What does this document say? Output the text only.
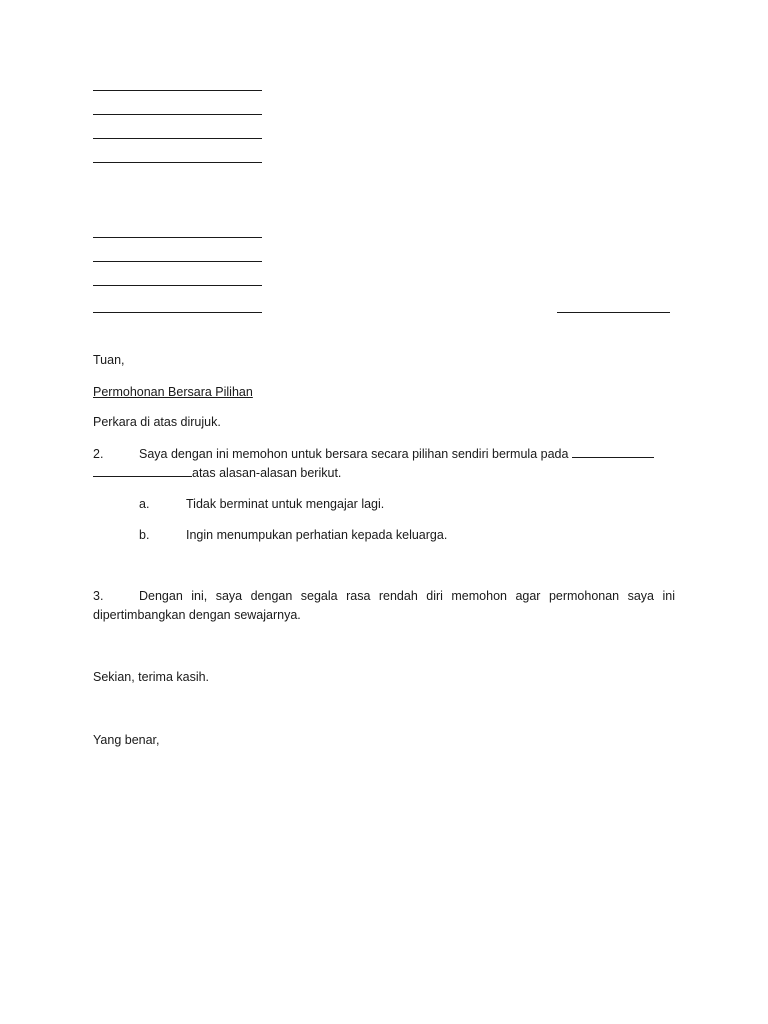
Tuan,
Permohonan Bersara Pilihan
Perkara di atas dirujuk.
2.	Saya dengan ini memohon untuk bersara secara pilihan sendiri bermula pada
atas alasan-alasan berikut.
a.	Tidak berminat untuk mengajar lagi.
b.	Ingin menumpukan perhatian kepada keluarga.
3.	Dengan ini, saya dengan segala rasa rendah diri memohon agar permohonan saya ini dipertimbangkan dengan sewajarnya.
Sekian, terima kasih.
Yang benar,
